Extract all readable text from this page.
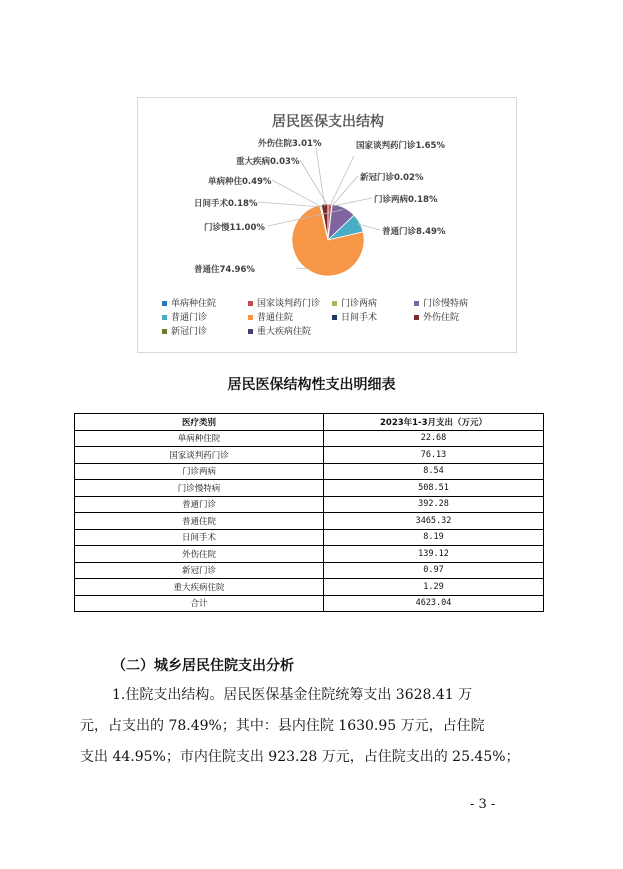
居民医保支出结构
单病种住0.49%
国家谈判药门诊1.65%
门诊两病0.18%
门诊慢11.00%	普通门诊8.49%
普通住74.96%
日间手术0.18%
外伤住院3.01%
新冠门诊0.02%
重大疾病0.03%
单病种住院	国家谈判药门诊	门诊两病	门诊慢特病
普通门诊	普通住院	日间手术	外伤住院
新冠门诊	重大疾病住院
居民医保结构性支出明细表
医疗类别	2023年1-3月支出（万元）
单病种住院	22.68
国家谈判药门诊	76.13
门诊两病	8.54
门诊慢特病	508.51
普通门诊	392.28
普通住院	3465.32
日间手术	8.19
外伤住院	139.12
新冠门诊	0.97
重大疾病住院	1.29
合计	4623.04
（二）城乡居民住院支出分析
1.住院支出结构。居民医保基金住院统筹支出 3628.41 万
元，占支出的 78.49%；其中：县内住院 1630.95 万元，占住院
支出 44.95%；市内住院支出 923.28 万元，占住院支出的 25.45%；
- 3 -
